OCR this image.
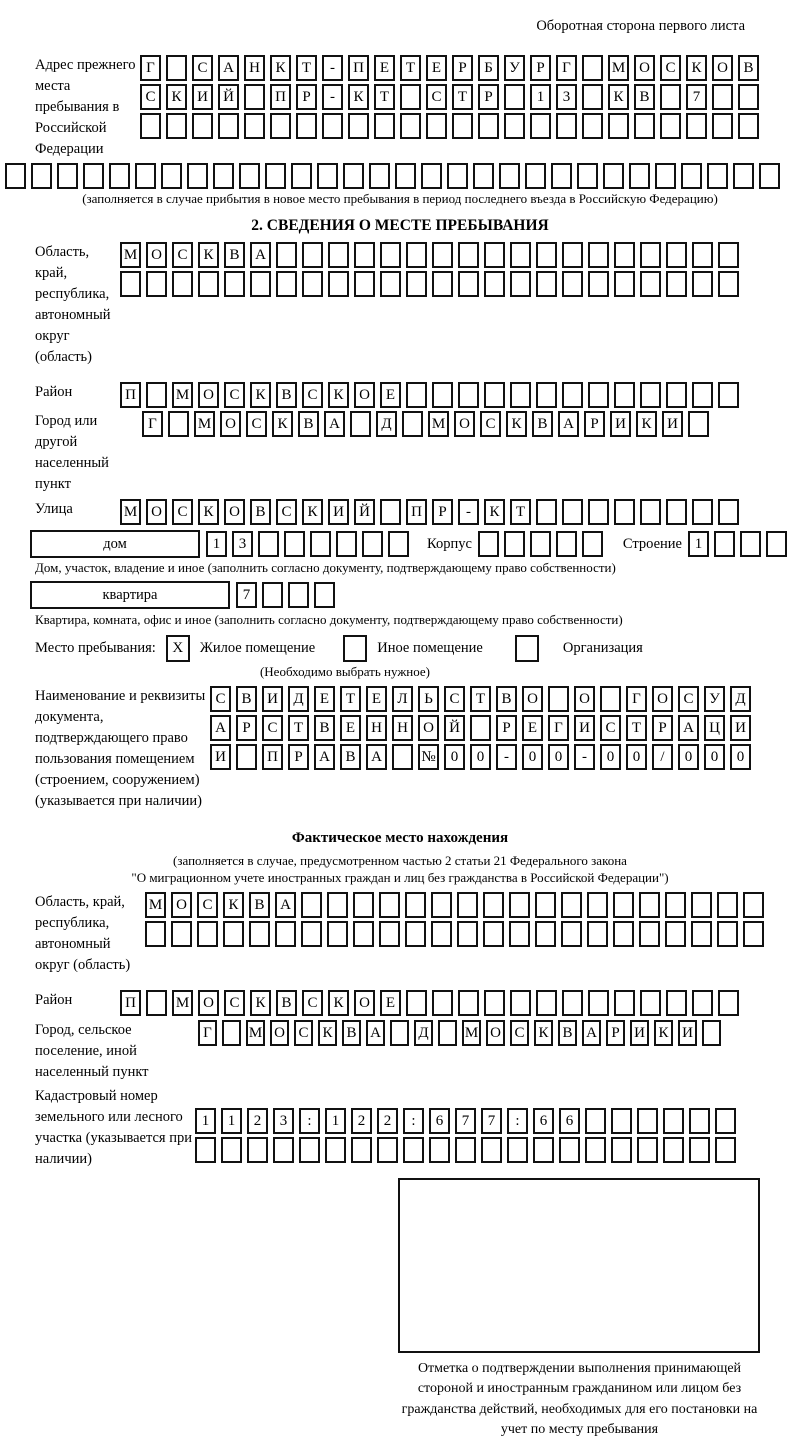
Оборотная сторона первого листа
Адрес прежнего места пребывания в Российской Федерации
Г	С	А	Н	К	Т	-	П	Е	Т	Е	Р	Б	У	Р	Г	М О	С	К	О	В
С	К	И	Й	П	Р	-	К	Т	С	Т	Р	1	3	К	В	7
(заполняется в случае прибытия в новое место пребывания в период последнего въезда в Российскую Федерацию)
2. СВЕДЕНИЯ О МЕСТЕ ПРЕБЫВАНИЯ
Область, край, республика, автономный округ (область)
М О	С	К	В	А
Район	П	М О	С	К	В	С	К	О	Е
Город или другой населенный пункт
Г	М О	С	К	В	А	Д	М О	С	К	В	А	Р	И	К	И
Улица	М О	С	К	О	В	С	К	И	Й	П	Р	-	К	Т
дом	1	3	Корпус	Строение 1
Дом, участок, владение и иное (заполнить согласно документу, подтверждающему право собственности)
квартира	7
Квартира, комната, офис и иное (заполнить согласно документу, подтверждающему право собственности)
Место пребывания:	X	Жилое помещение	Иное помещение	Организация
(Необходимо выбрать нужное)
Наименование и реквизиты документа, подтверждающего право пользования помещением (строением, сооружением) (указывается при наличии)
С	В	И	Д	Е	Т	Е	Л	Ь	С	Т	В	О	О	Г	О	С	У	Д
А	Р	С	Т	В	Е	Н	Н	О	Й	Р	Е	Г	И	С	Т	Р	А	Ц	И
И	П	Р	А	В	А	№	0	0	-	0	0	-	0	0	/	0	0	0
Фактическое место нахождения
(заполняется в случае, предусмотренном частью 2 статьи 21 Федерального закона
"О миграционном учете иностранных граждан и лиц без гражданства в Российской Федерации")
Область, край, республика, автономный округ (область)
М О	С	К	В	А
Район	П	М О	С	К	В	С	К	О	Е
Город, сельское поселение, иной населенный пункт
Г	М О С К В А Д М О С К В А Р И К И
Кадастровый номер земельного или лесного участка (указывается при наличии)
1	1	2	3	:	1	2	2	:	6	7	7	:	6	6
Отметка о подтверждении выполнения принимающей стороной и иностранным гражданином или лицом без гражданства действий, необходимых для его постановки на учет по месту пребывания
